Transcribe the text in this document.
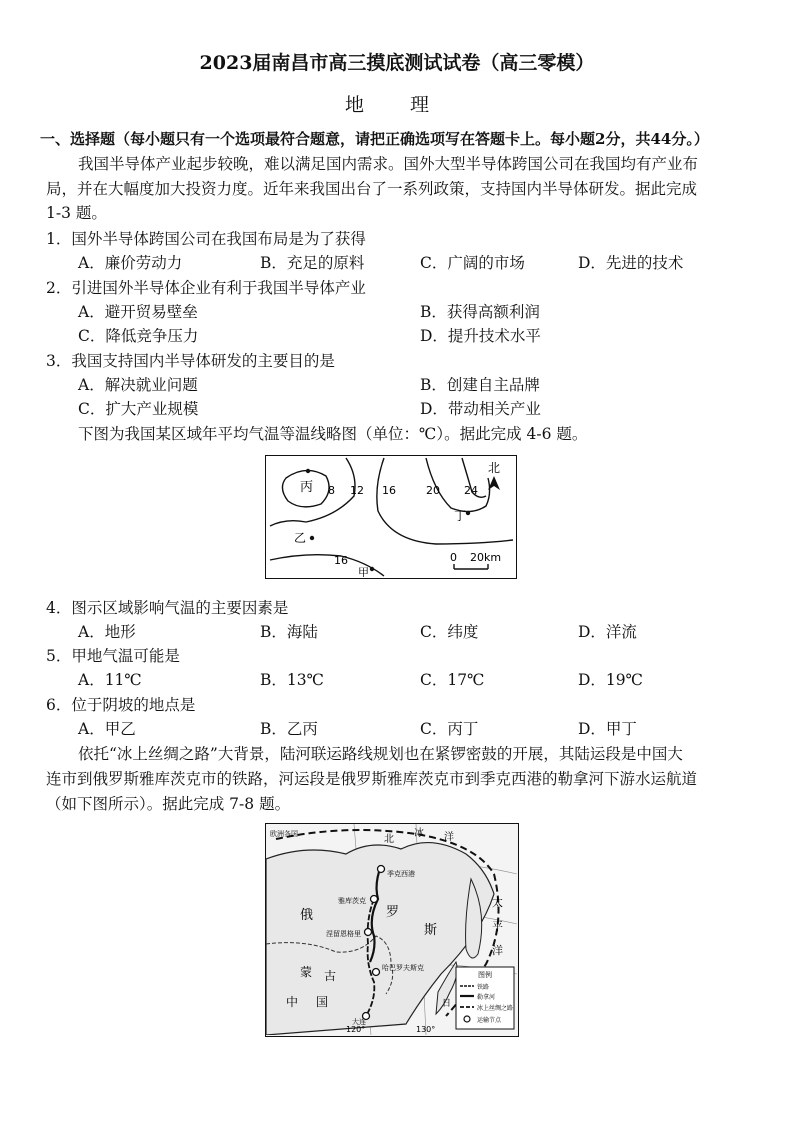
2023届南昌市高三摸底测试试卷（高三零模）
地 理
一、选择题（每小题只有一个选项最符合题意，请把正确选项写在答题卡上。每小题2分，共44分。）
我国半导体产业起步较晚，难以满足国内需求。国外大型半导体跨国公司在我国均有产业布
局，并在大幅度加大投资力度。近年来我国出台了一系列政策，支持国内半导体研发。据此完成
1-3 题。
1．国外半导体跨国公司在我国布局是为了获得
A．廉价劳动力	B．充足的原料	C．广阔的市场	D．先进的技术
2．引进国外半导体企业有利于我国半导体产业
A．避开贸易壁垒	B．获得高额利润
C．降低竞争压力	D．提升技术水平
3．我国支持国内半导体研发的主要目的是
A．解决就业问题	B．创建自主品牌
C．扩大产业规模	D．带动相关产业
下图为我国某区域年平均气温等温线略图（单位：℃）。据此完成 4-6 题。
8 12 16	20 24
16
丙
乙
甲
丁
北
0 20km
4．图示区域影响气温的主要因素是
A．地形	B．海陆	C．纬度	D．洋流
5．甲地气温可能是
A．11℃	B．13℃	C．17℃	D．19℃
6．位于阴坡的地点是
A．甲乙	B．乙丙	C．丙丁	D．甲丁
依托“冰上丝绸之路”大背景，陆河联运路线规划也在紧锣密鼓的开展，其陆运段是中国大
连市到俄罗斯雅库茨克市的铁路，河运段是俄罗斯雅库茨克市到季克西港的勒拿河下游水运航道
（如下图所示）。据此完成 7-8 题。
欧洲各国	北
冰 洋
季克西港
雅库茨克
涅留恩格里
哈巴罗夫斯克
大连
俄	罗
斯
太
平
洋
蒙 古
中 国	日
120°	130°
图例
铁路
勒拿河
冰上丝绸之路
运输节点
